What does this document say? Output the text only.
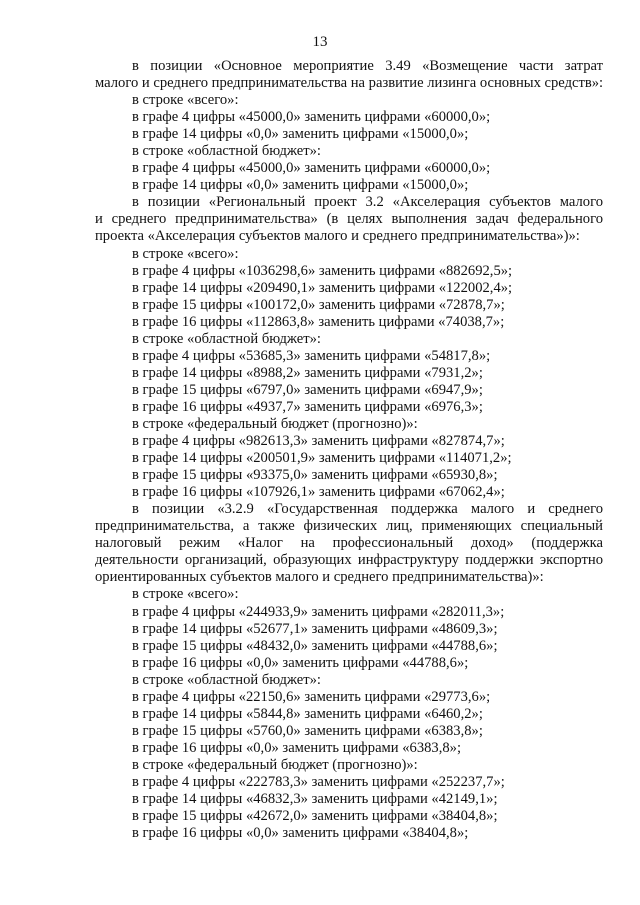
13
в позиции «Основное мероприятие 3.49 «Возмещение части затрат
малого и среднего предпринимательства на развитие лизинга основных средств»:
в строке «всего»:
в графе 4 цифры «45000,0» заменить цифрами «60000,0»;
в графе 14 цифры «0,0» заменить цифрами «15000,0»;
в строке «областной бюджет»:
в графе 4 цифры «45000,0» заменить цифрами «60000,0»;
в графе 14 цифры «0,0» заменить цифрами «15000,0»;
в позиции «Региональный проект 3.2 «Акселерация субъектов малого
и среднего предпринимательства» (в целях выполнения задач федерального
проекта «Акселерация субъектов малого и среднего предпринимательства»)»:
в строке «всего»:
в графе 4 цифры «1036298,6» заменить цифрами «882692,5»;
в графе 14 цифры «209490,1» заменить цифрами «122002,4»;
в графе 15 цифры «100172,0» заменить цифрами «72878,7»;
в графе 16 цифры «112863,8» заменить цифрами «74038,7»;
в строке «областной бюджет»:
в графе 4 цифры «53685,3» заменить цифрами «54817,8»;
в графе 14 цифры «8988,2» заменить цифрами «7931,2»;
в графе 15 цифры «6797,0» заменить цифрами «6947,9»;
в графе 16 цифры «4937,7» заменить цифрами «6976,3»;
в строке «федеральный бюджет (прогнозно)»:
в графе 4 цифры «982613,3» заменить цифрами «827874,7»;
в графе 14 цифры «200501,9» заменить цифрами «114071,2»;
в графе 15 цифры «93375,0» заменить цифрами «65930,8»;
в графе 16 цифры «107926,1» заменить цифрами «67062,4»;
в позиции «3.2.9 «Государственная поддержка малого и среднего
предпринимательства, а также физических лиц, применяющих специальный
налоговый режим «Налог на профессиональный доход» (поддержка
деятельности организаций, образующих инфраструктуру поддержки экспортно
ориентированных субъектов малого и среднего предпринимательства)»:
в строке «всего»:
в графе 4 цифры «244933,9» заменить цифрами «282011,3»;
в графе 14 цифры «52677,1» заменить цифрами «48609,3»;
в графе 15 цифры «48432,0» заменить цифрами «44788,6»;
в графе 16 цифры «0,0» заменить цифрами «44788,6»;
в строке «областной бюджет»:
в графе 4 цифры «22150,6» заменить цифрами «29773,6»;
в графе 14 цифры «5844,8» заменить цифрами «6460,2»;
в графе 15 цифры «5760,0» заменить цифрами «6383,8»;
в графе 16 цифры «0,0» заменить цифрами «6383,8»;
в строке «федеральный бюджет (прогнозно)»:
в графе 4 цифры «222783,3» заменить цифрами «252237,7»;
в графе 14 цифры «46832,3» заменить цифрами «42149,1»;
в графе 15 цифры «42672,0» заменить цифрами «38404,8»;
в графе 16 цифры «0,0» заменить цифрами «38404,8»;
